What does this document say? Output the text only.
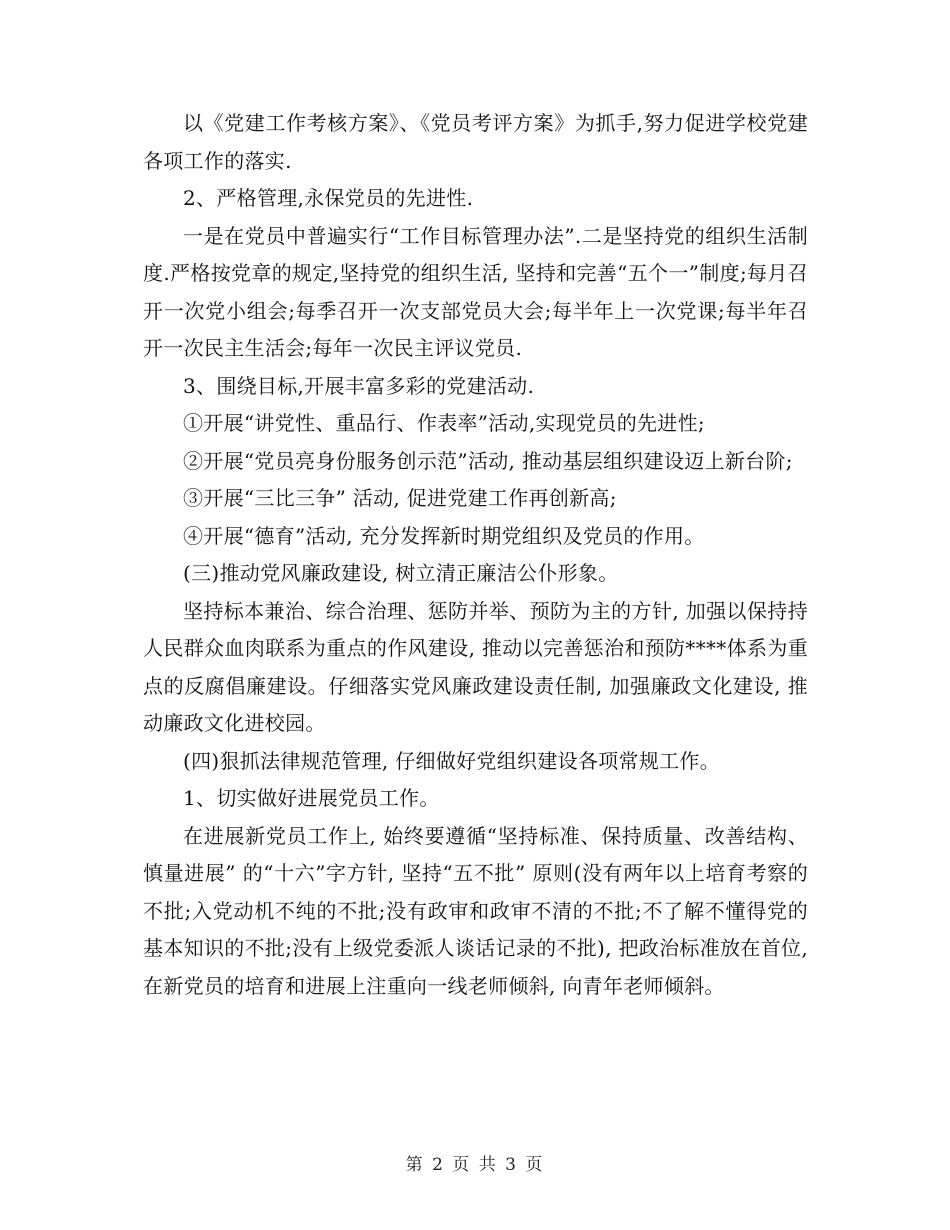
以《党建工作考核方案》、《党员考评方案》为抓手,努力促进学校党建各项工作的落实.

2、严格管理,永保党员的先进性.

一是在党员中普遍实行“工作目标管理办法”.二是坚持党的组织生活制度.严格按党章的规定,坚持党的组织生活, 坚持和完善“五个一”制度;每月召开一次党小组会;每季召开一次支部党员大会;每半年上一次党课;每半年召开一次民主生活会;每年一次民主评议党员.

3、围绕目标,开展丰富多彩的党建活动.

①开展“讲党性、重品行、作表率”活动,实现党员的先进性;

②开展“党员亮身份服务创示范”活动, 推动基层组织建设迈上新台阶;

③开展“三比三争” 活动, 促进党建工作再创新高;

④开展“德育”活动, 充分发挥新时期党组织及党员的作用。

(三)推动党风廉政建设, 树立清正廉洁公仆形象。

坚持标本兼治、综合治理、惩防并举、预防为主的方针, 加强以保持持人民群众血肉联系为重点的作风建设, 推动以完善惩治和预防****体系为重点的反腐倡廉建设。仔细落实党风廉政建设责任制, 加强廉政文化建设, 推动廉政文化进校园。

(四)狠抓法律规范管理, 仔细做好党组织建设各项常规工作。

1、切实做好进展党员工作。

在进展新党员工作上, 始终要遵循“坚持标准、保持质量、改善结构、慎量进展” 的“十六”字方针, 坚持“五不批” 原则(没有两年以上培育考察的不批;入党动机不纯的不批;没有政审和政审不清的不批;不了解不懂得党的基本知识的不批;没有上级党委派人谈话记录的不批), 把政治标准放在首位, 在新党员的培育和进展上注重向一线老师倾斜, 向青年老师倾斜。

第 2 页 共 3 页
